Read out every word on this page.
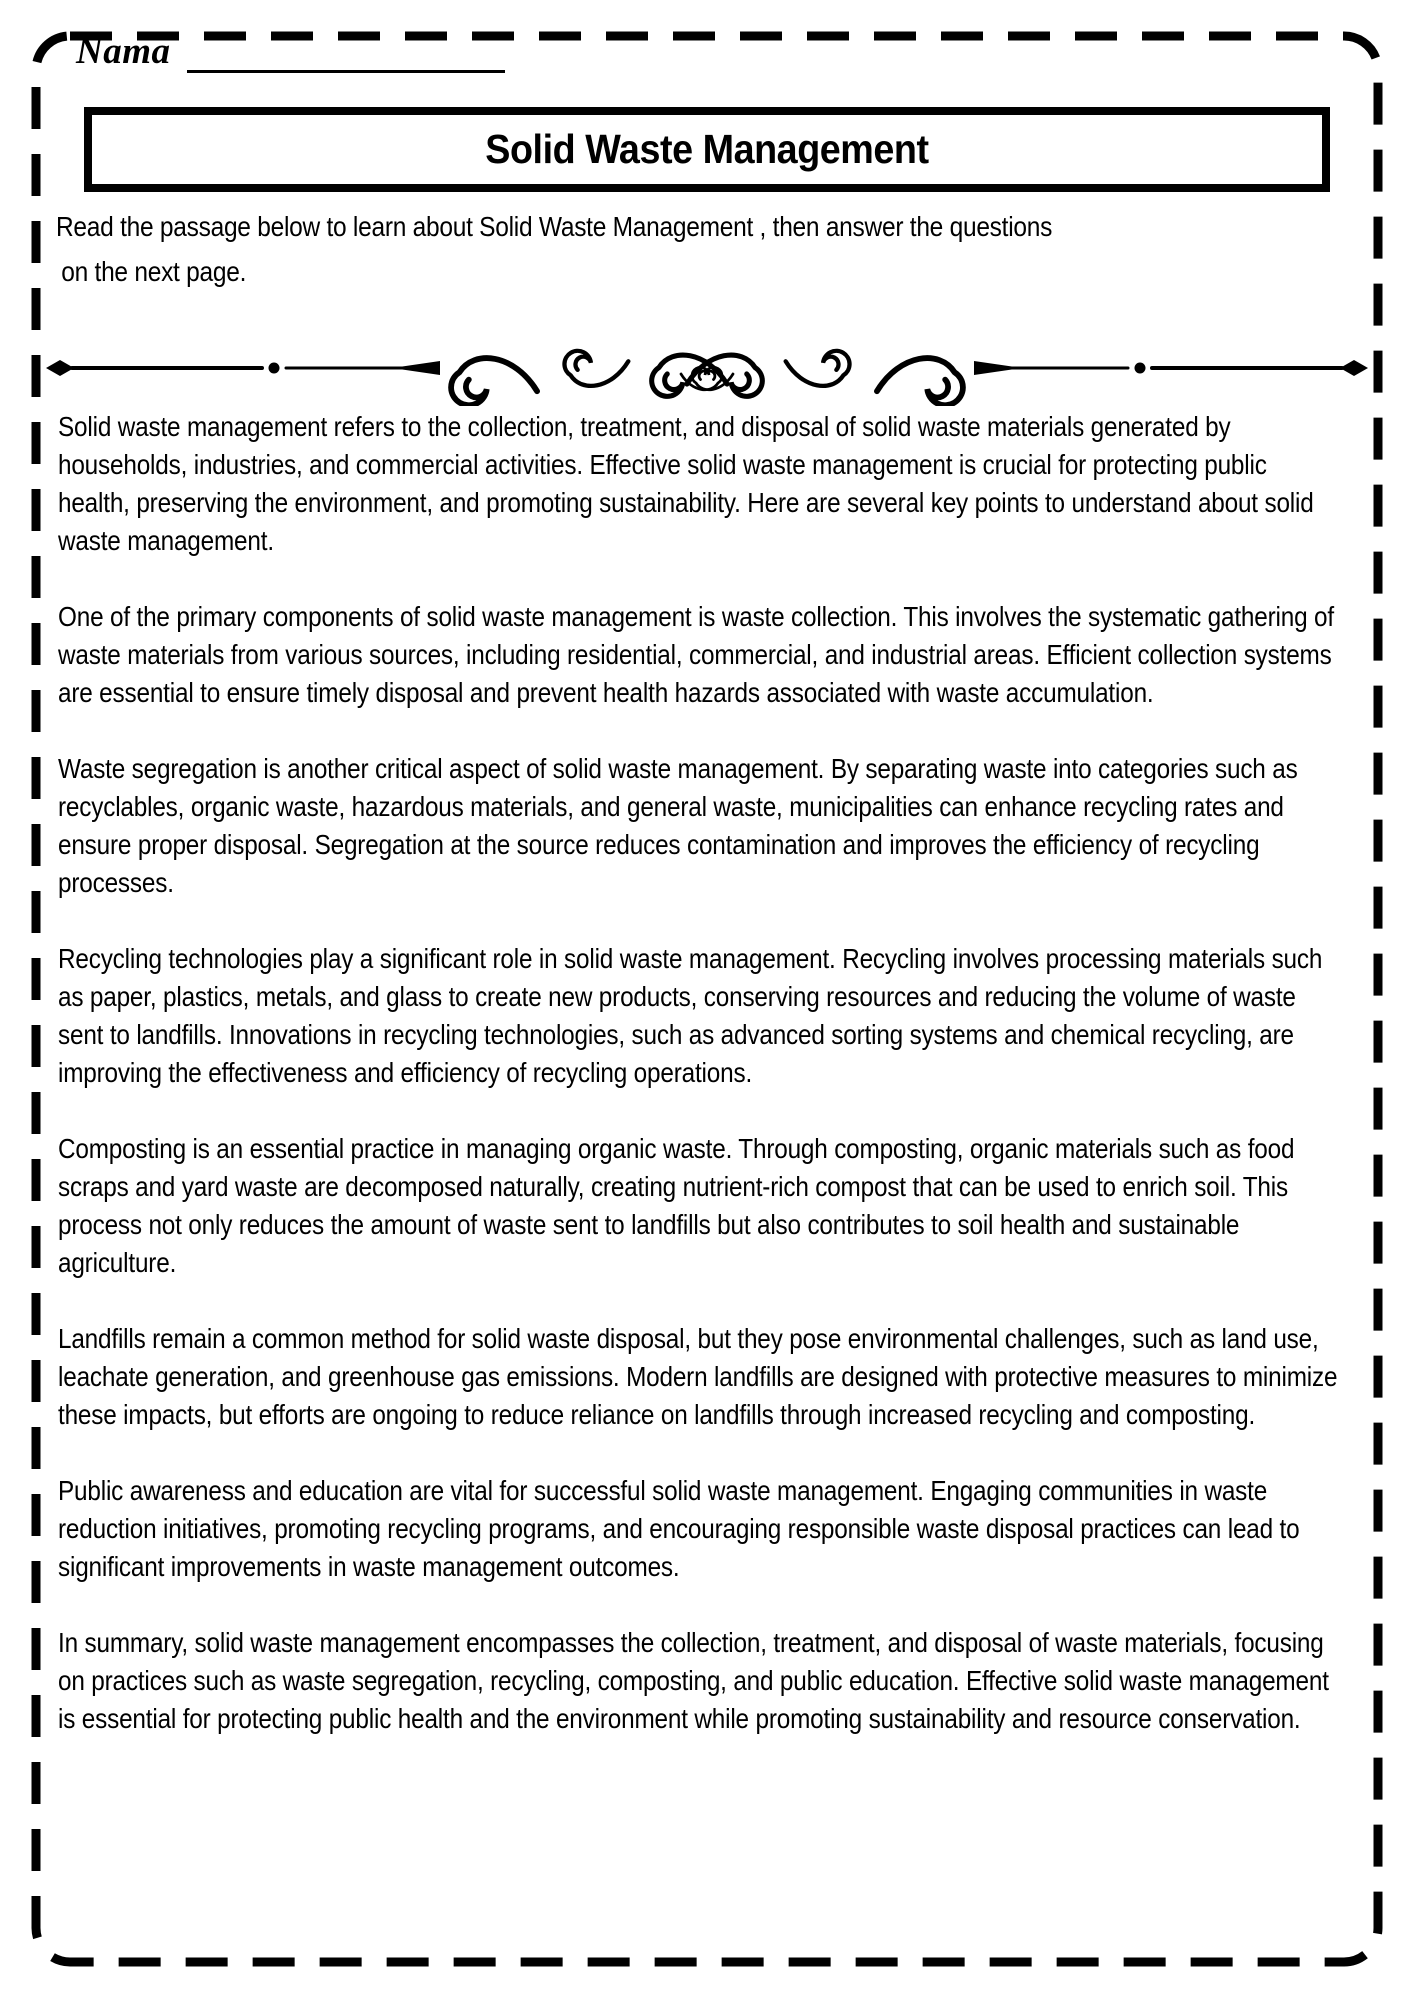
Nama
Solid Waste Management
Read the passage below to learn about Solid Waste Management , then answer the questions
on the next page.

Solid waste management refers to the collection, treatment, and disposal of solid waste materials generated by households, industries, and commercial activities. Effective solid waste management is crucial for protecting public health, preserving the environment, and promoting sustainability. Here are several key points to understand about solid waste management.

One of the primary components of solid waste management is waste collection. This involves the systematic gathering of waste materials from various sources, including residential, commercial, and industrial areas. Efficient collection systems are essential to ensure timely disposal and prevent health hazards associated with waste accumulation.

Waste segregation is another critical aspect of solid waste management. By separating waste into categories such as recyclables, organic waste, hazardous materials, and general waste, municipalities can enhance recycling rates and ensure proper disposal. Segregation at the source reduces contamination and improves the efficiency of recycling processes.

Recycling technologies play a significant role in solid waste management. Recycling involves processing materials such as paper, plastics, metals, and glass to create new products, conserving resources and reducing the volume of waste sent to landfills. Innovations in recycling technologies, such as advanced sorting systems and chemical recycling, are improving the effectiveness and efficiency of recycling operations.

Composting is an essential practice in managing organic waste. Through composting, organic materials such as food scraps and yard waste are decomposed naturally, creating nutrient-rich compost that can be used to enrich soil. This process not only reduces the amount of waste sent to landfills but also contributes to soil health and sustainable agriculture.

Landfills remain a common method for solid waste disposal, but they pose environmental challenges, such as land use, leachate generation, and greenhouse gas emissions. Modern landfills are designed with protective measures to minimize these impacts, but efforts are ongoing to reduce reliance on landfills through increased recycling and composting.

Public awareness and education are vital for successful solid waste management. Engaging communities in waste reduction initiatives, promoting recycling programs, and encouraging responsible waste disposal practices can lead to significant improvements in waste management outcomes.

In summary, solid waste management encompasses the collection, treatment, and disposal of waste materials, focusing on practices such as waste segregation, recycling, composting, and public education. Effective solid waste management is essential for protecting public health and the environment while promoting sustainability and resource conservation.
